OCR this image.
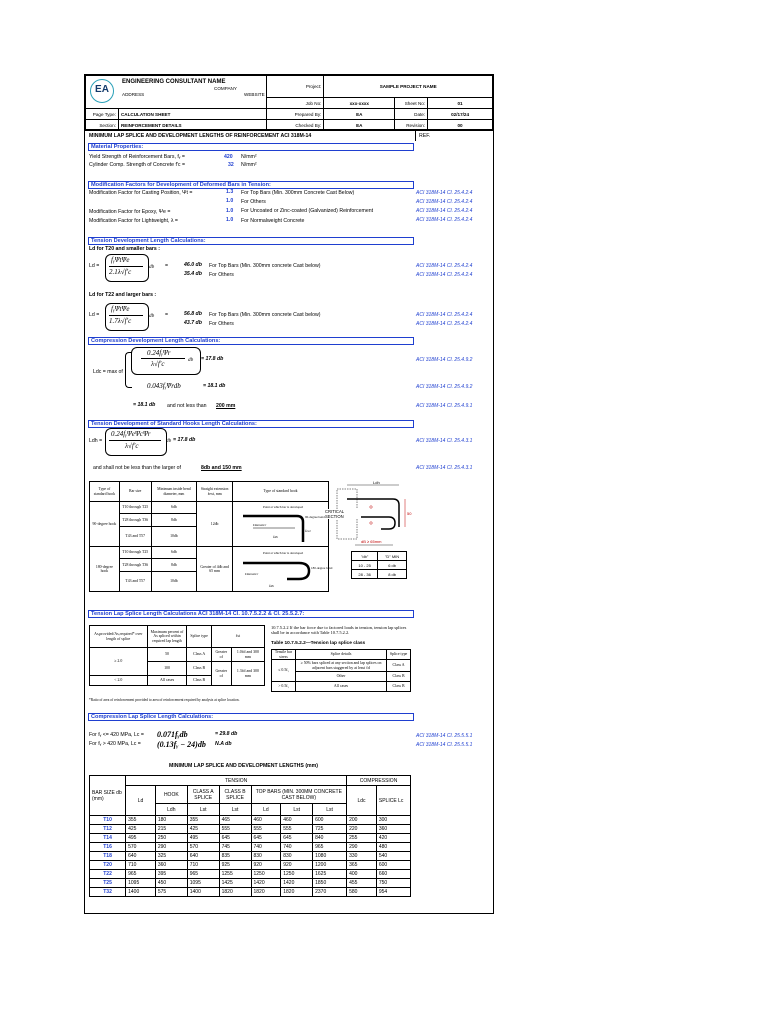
EA
ENGINEERING CONSULTANT NAME
COMPANY
ADDRESS WEBSITE		Project:	SAMPLE PROJECT NAME		
		Job No:	xxx-xxxx	Sheet No:	01
Page Type:	CALCULATION SHEET	Prepared By:	EA	Date:	02/17/24
Section:	REINFORCEMENT DETAILS	Checked By:	EA	Revision:	00
MINIMUM LAP SPLICE AND DEVELOPMENT LENGTHS OF REINFORCEMENT ACI 318M-14	REF.
Material Properties:
Yield Strength of Reinforcement Bars, fᵧ =	420 N/mm²
Cylinder Comp. Strength of Concrete f'c =	32 N/mm²
Modification Factors for Development of Deformed Bars in Tension:
Modification Factor for Casting Position, Ψt =	1.3 For Top Bars (Min. 300mm Concrete Cast Below)	ACI 318M-14 Cl. 25.4.2.4
1.0 For Others	ACI 318M-14 Cl. 25.4.2.4
Modification Factor for Epoxy, Ψe =	1.0 For Uncoated or Zinc-coated (Galvanized) Reinforcement	ACI 318M-14 Cl. 25.4.2.4
Modification Factor for Lightweight, λ =	1.0 For Normalweight Concrete	ACI 318M-14 Cl. 25.4.2.4
Tension Development Length Calculations:
Ld for T20 and smaller bars :
Ld =
fᵧΨtΨe
2.1λ√f'c
db =	46.0 db For Top Bars (Min. 300mm concrete Cast below)
35.4 db For Others
ACI 318M-14 Cl. 25.4.2.4
ACI 318M-14 Cl. 25.4.2.4
Ld for T22 and larger bars :
Ld =
fᵧΨtΨe
1.7λ√f'c
db =	56.8 db For Top Bars (Min. 300mm concrete Cast below)
43.7 db For Others
ACI 318M-14 Cl. 25.4.2.4
ACI 318M-14 Cl. 25.4.2.4
Compression Development Length Calculations:
0.24fᵧΨr
λ√f'c	db = 17.8 db	ACI 318M-14 Cl. 25.4.9.2
Ldc = max of
0.043fᵧΨrdb	= 18.1 db	ACI 318M-14 Cl. 25.4.9.2
= 18.1 db and not less than 200 mm	ACI 318M-14 Cl. 25.4.9.1
Tension Development of Standard Hooks Length Calculations:
Ldh =
0.24fᵧΨeΨcΨr
λ√f'c
db = 17.8 db	ACI 318M-14 Cl. 25.4.3.1
and shall not be less than the larger of	8db and 150 mm	ACI 318M-14 Cl. 25.4.3.1
Type of standard hook	Bar size	Minimum inside bend diameter, mm	Straight extension ℓext, mm	Type of standard hook
90-degree hook	T10 through T25	6db	12db	Diameter
ℓdh
ℓext
Point at which bar is developed
90-degree bend

	T28 through T36	8db		
	T43 and T57	10db		
180-degree hook	T10 through T25	6db	Greater of 4db and 65 mm	Diameter
ℓdh
180-degree bend
Point at which bar is developed

	T28 through T36	8db		
	T43 and T57	10db		
Ldh
50
dB ≥ 65mm
CRITICAL SECTION
"db"	"D" MIN
10 - 25	6 db
28 - 36	8 db
Tension Lap Splice Length Calculations ACI 318M-14 Cl. 10.7.5.2.2 & Cl. 25.5.2.7:
As,provided/As,required* over length of splice	Maximum percent of As spliced within required lap length	Splice type	ℓst	
≥ 2.0	50	Class A	Greater of	1.0ℓd and 300 mm
	100	Class B	Greater of	1.3ℓd and 300 mm
< 2.0	All cases	Class B		
*Ratio of area of reinforcement provided to area of reinforcement required by analysis at splice location.
10.7.5.2.2 If the bar force due to factored loads in tension, tension lap splices shall be in accordance with Table 10.7.5.2.2.
Table 10.7.5.2.2—Tension lap splice class
Tensile bar stress	Splice details	Splice type
≤ 0.5fᵧ	≥ 50% bars spliced at any section and lap splices on adjacent bars staggered by at least ℓd	Class A
	Other	Class B
> 0.5fᵧ	All cases	Class B
Compression Lap Splice Length Calculations:
For fᵧ <= 420 MPa, Lc = 0.071fᵧdb	= 29.8 db	ACI 318M-14 Cl. 25.5.5.1
For fᵧ > 420 MPa, Lc = (0.13fᵧ − 24)db N.A db	ACI 318M-14 Cl. 25.5.5.1
MINIMUM LAP SPLICE AND DEVELOPMENT LENGTHS (mm)
BAR SIZE db (mm)	TENSION							COMPRESSION	
	Ld	HOOK	CLASS A SPLICE	CLASS B SPLICE	TOP BARS (MIN. 300MM CONCRETE CAST BELOW)			Ldc	SPLICE Lc
		Ldh	Lst	Lst	Ld	Lst	Lst		
T10	355	180	355	465	460	460	600	200	300
T12	425	215	425	555	555	555	725	220	360
T14	495	250	495	645	645	645	840	255	420
T16	570	290	570	745	740	740	965	290	480
T18	640	325	640	835	830	830	1080	330	540
T20	710	360	710	925	920	920	1200	365	600
T22	965	395	965	1255	1250	1250	1625	400	660
T25	1095	450	1095	1425	1420	1420	1850	455	750
T32	1400	575	1400	1820	1820	1820	2370	580	954
